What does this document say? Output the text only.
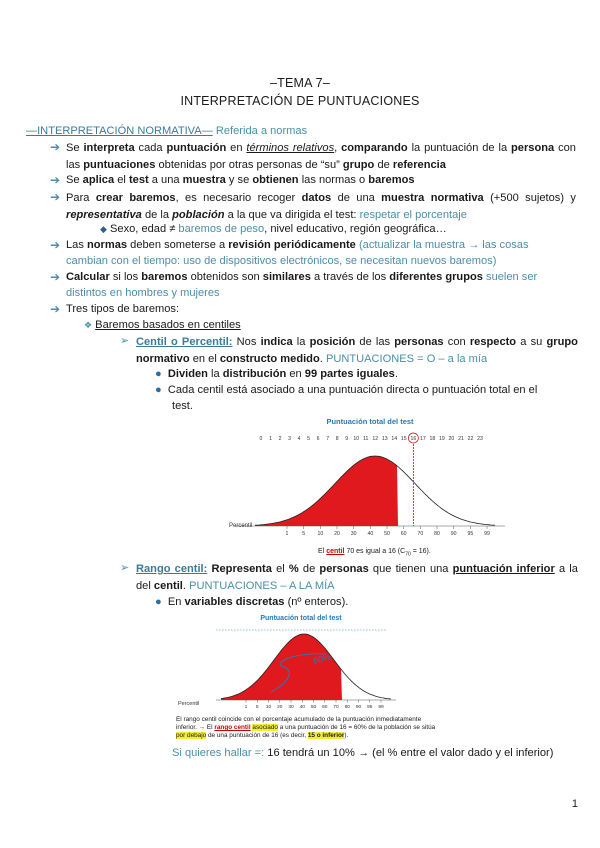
–TEMA 7–
INTERPRETACIÓN DE PUNTUACIONES
—INTERPRETACIÓN NORMATIVA— Referida a normas
➔ Se interpreta cada puntuación en términos relativos, comparando la puntuación de la persona con las puntuaciones obtenidas por otras personas de “su” grupo de referencia
➔ Se aplica el test a una muestra y se obtienen las normas o baremos
➔ Para crear baremos, es necesario recoger datos de una muestra normativa (+500 sujetos) y representativa de la población a la que va dirigida el test: respetar el porcentaje
◆ Sexo, edad ≠ baremos de peso, nivel educativo, región geográfica…
➔ Las normas deben someterse a revisión periódicamente (actualizar la muestra → las cosas
cambian con el tiempo: uso de dispositivos electrónicos, se necesitan nuevos baremos)
➔ Calcular si los baremos obtenidos son similares a través de los diferentes grupos suelen ser
distintos en hombres y mujeres
➔ Tres tipos de baremos:
❖ Baremos basados en centiles
➢ Centil o Percentil: Nos indica la posición de las personas con respecto a su grupo normativo en el constructo medido. PUNTUACIONES = O – a la mía
● Dividen la distribución en 99 partes iguales.
● Cada centil está asociado a una puntuación directa o puntuación total en el
test.
Puntuación total del test
0 1 2 3 4 5 6 7 8 9 10 11 12 13 14 15 16 17 18 19 20 21 22 23
Percentil
1	5 10 20 30 40 50 60 70 80 90 95 99
El centil 70 es igual a 16 $(C_{70} = 16)$.
➢ Rango centil: Representa el % de personas que tienen una puntuación inferior a la del centil. PUNTUACIONES – A LA MÍA
● En variables discretas (nº enteros).
Puntuación total del test
60%
Percentil
1 5 10 20 30 40 50 60 70 80 90 95 99
El rango centil coincide con el porcentaje acumulado de la puntuación inmediatamente
inferior. → El rango centil asociado a una puntuación de 16 = 60% de la población se sitúa
por debajo de una puntuación de 16 (es decir, 15 o inferior).
Si quieres hallar =: 16 tendrá un 10% → (el % entre el valor dado y el inferior)
1
